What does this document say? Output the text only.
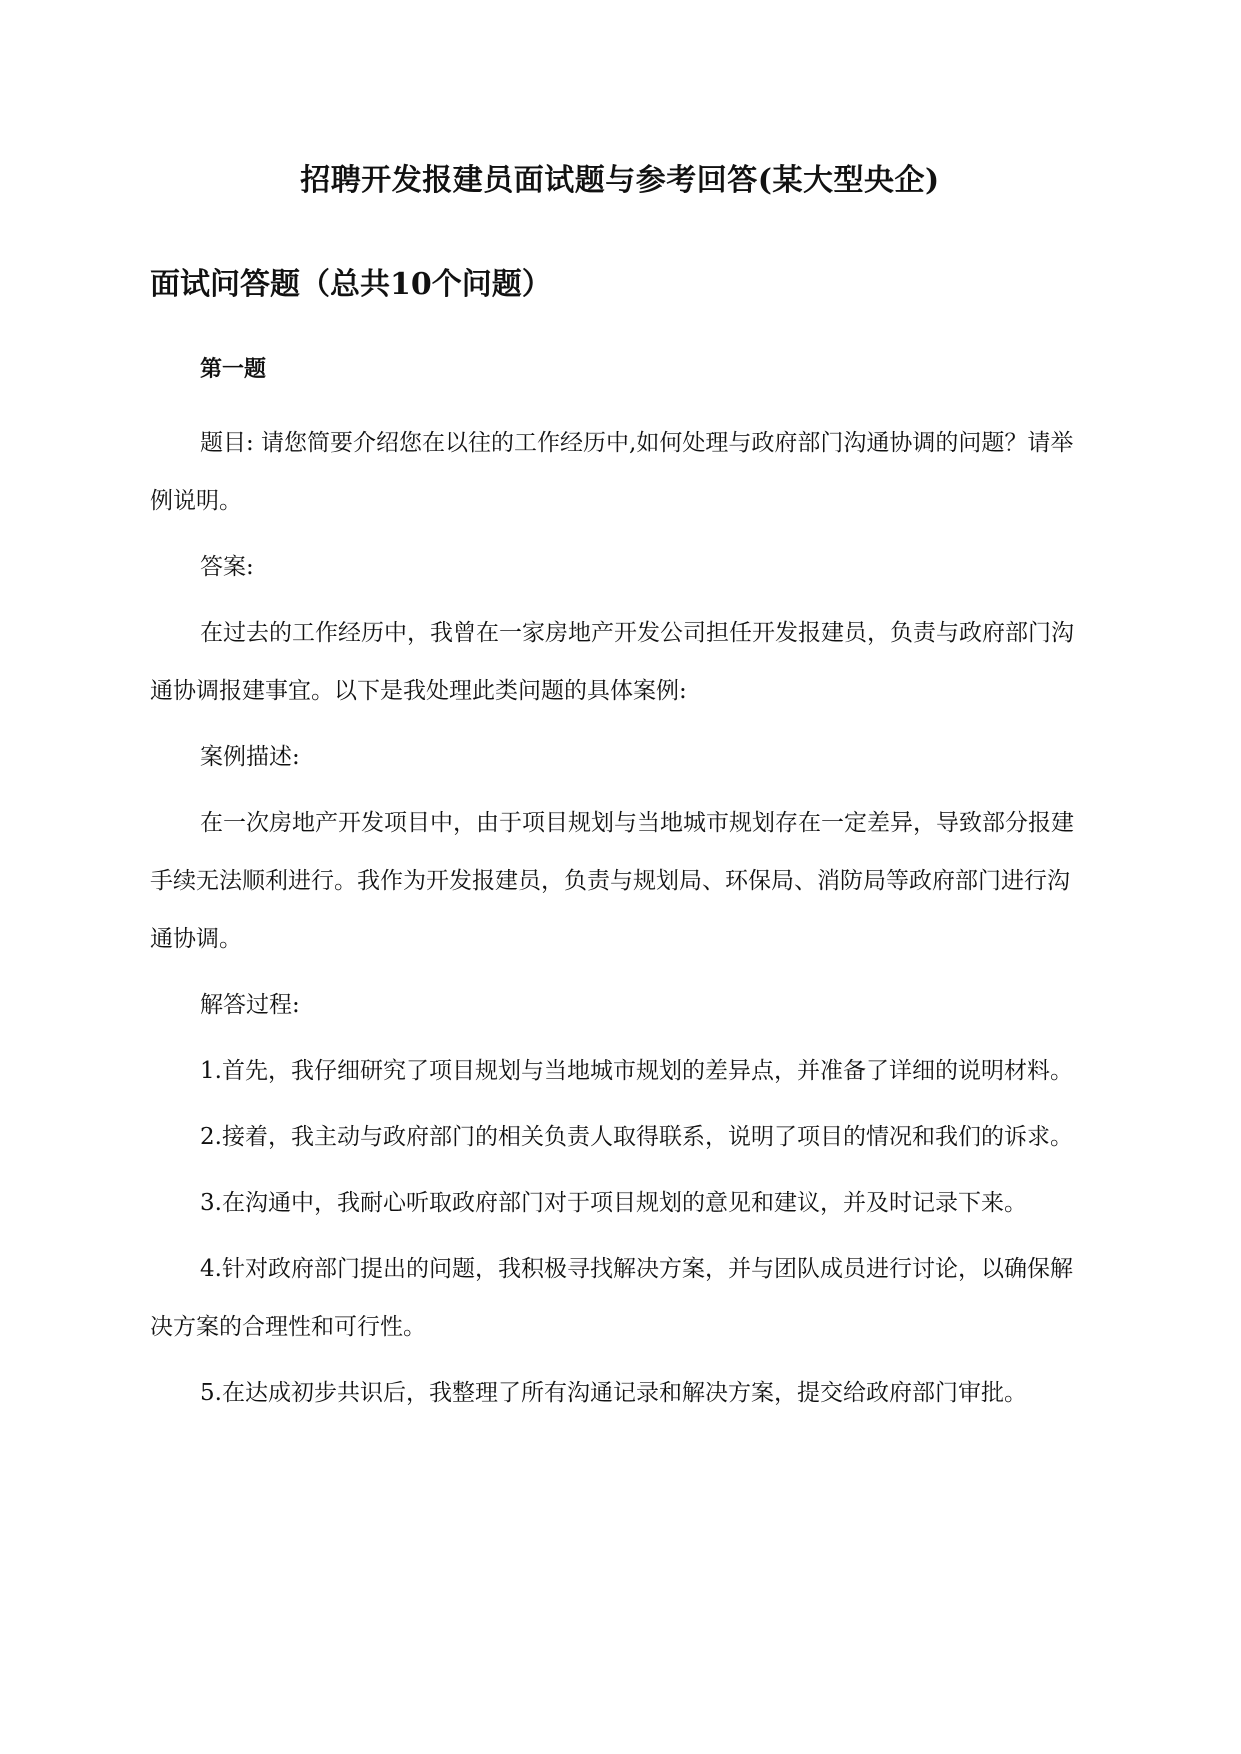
招聘开发报建员面试题与参考回答(某大型央企)
面试问答题（总共10个问题）
第一题

题目: 请您简要介绍您在以往的工作经历中,如何处理与政府部门沟通协调的问题？请举例说明。

答案:

在过去的工作经历中，我曾在一家房地产开发公司担任开发报建员，负责与政府部门沟通协调报建事宜。以下是我处理此类问题的具体案例:

案例描述:

在一次房地产开发项目中，由于项目规划与当地城市规划存在一定差异，导致部分报建手续无法顺利进行。我作为开发报建员，负责与规划局、环保局、消防局等政府部门进行沟通协调。

解答过程:

1.首先，我仔细研究了项目规划与当地城市规划的差异点，并准备了详细的说明材料。

2.接着，我主动与政府部门的相关负责人取得联系，说明了项目的情况和我们的诉求。

3.在沟通中，我耐心听取政府部门对于项目规划的意见和建议，并及时记录下来。

4.针对政府部门提出的问题，我积极寻找解决方案，并与团队成员进行讨论，以确保解决方案的合理性和可行性。

5.在达成初步共识后，我整理了所有沟通记录和解决方案，提交给政府部门审批。
